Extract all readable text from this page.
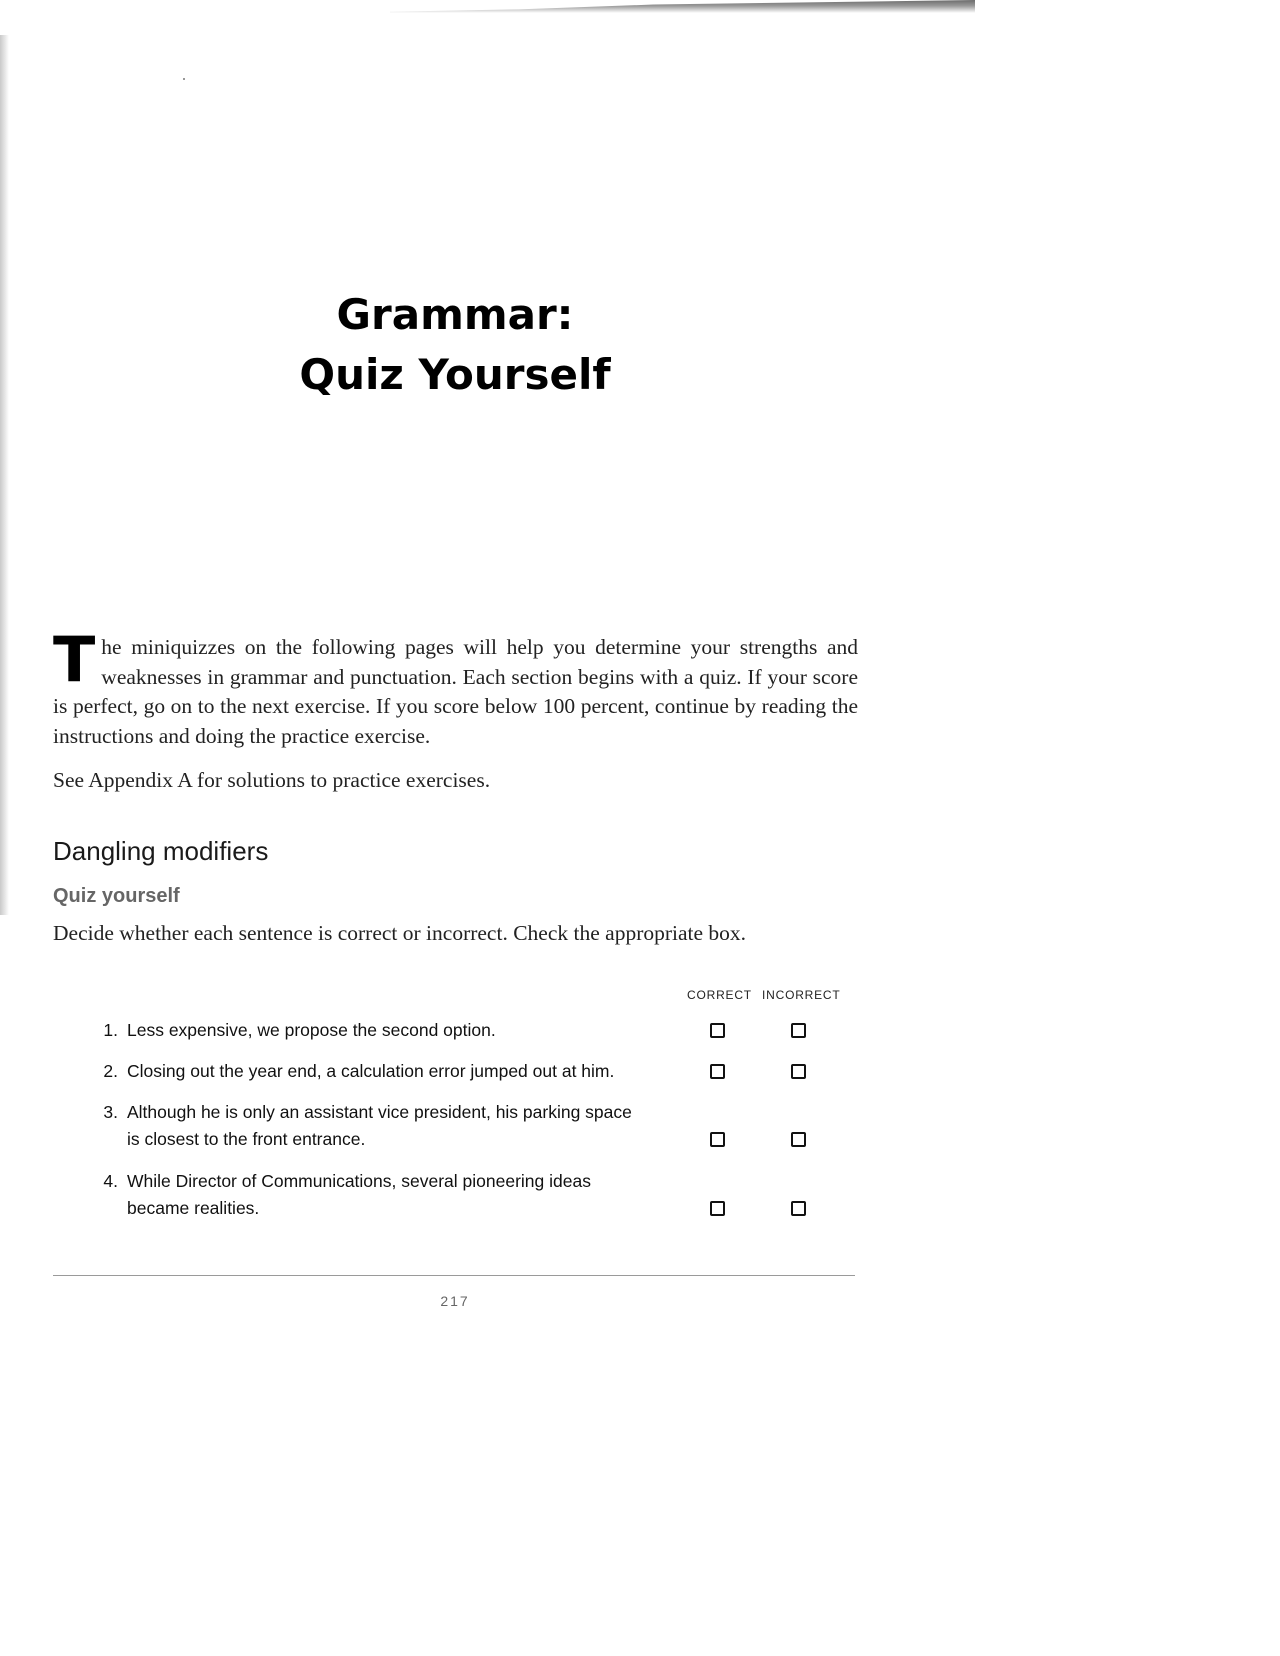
Grammar:
Quiz Yourself

The miniquizzes on the following pages will help you determine your strengths and weaknesses in grammar and punctuation. Each section begins with a quiz. If your score is perfect, go on to the next exercise. If you score below 100 percent, continue by reading the instructions and doing the practice exercise.

See Appendix A for solutions to practice exercises.

Dangling modifiers
Quiz yourself

Decide whether each sentence is correct or incorrect. Check the appropriate box.

CORRECT INCORRECT
1. Less expensive, we propose the second option.
2. Closing out the year end, a calculation error jumped out at him.
3. Although he is only an assistant vice president, his parking space
is closest to the front entrance.
4. While Director of Communications, several pioneering ideas
became realities.
217
